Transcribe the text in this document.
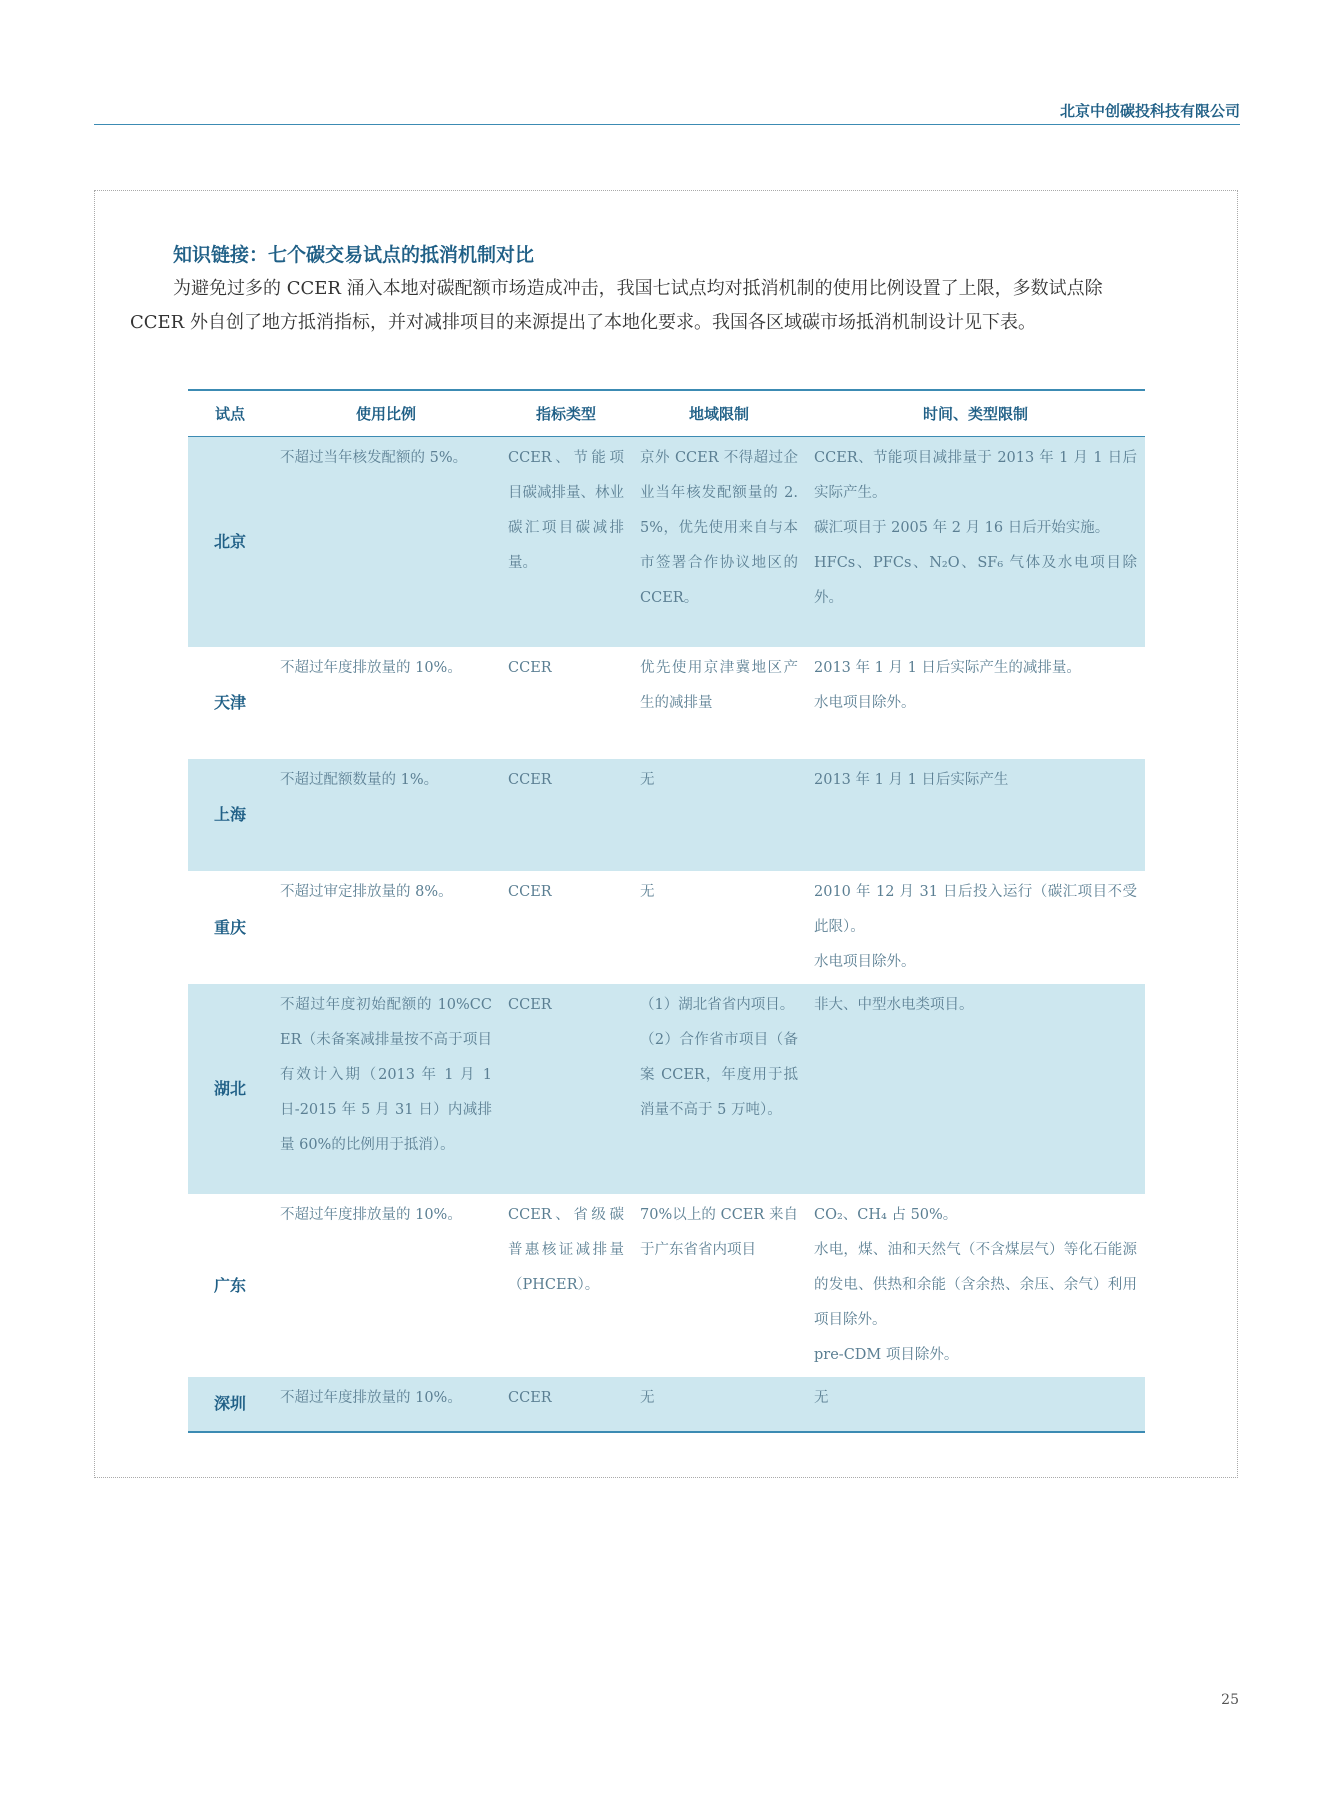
北京中创碳投科技有限公司
知识链接：七个碳交易试点的抵消机制对比

为避免过多的 CCER 涌入本地对碳配额市场造成冲击，我国七试点均对抵消机制的使用比例设置了上限，多数试点除
CCER 外自创了地方抵消指标，并对减排项目的来源提出了本地化要求。我国各区域碳市场抵消机制设计见下表。

试点	使用比例	指标类型	地域限制	时间、类型限制
北京	不超过当年核发配额的 5%。	CCER、节能项目碳减排量、林业碳汇项目碳减排量。	京外 CCER 不得超过企业当年核发配额量的 2.5%，优先使用来自与本市签署合作协议地区的 CCER。	CCER、节能项目减排量于 2013 年 1 月 1 日后实际产生。
碳汇项目于 2005 年 2 月 16 日后开始实施。
HFCs、PFCs、N₂O、SF₆ 气体及水电项目除外。

天津	不超过年度排放量的 10%。	CCER	优先使用京津冀地区产生的减排量	2013 年 1 月 1 日后实际产生的减排量。
水电项目除外。

上海	不超过配额数量的 1%。	CCER	无	2013 年 1 月 1 日后实际产生

重庆	不超过审定排放量的 8%。	CCER	无	2010 年 12 月 31 日后投入运行（碳汇项目不受此限）。
水电项目除外。

湖北	不超过年度初始配额的 10%CCER（未备案减排量按不高于项目有效计入期（2013 年 1 月 1 日-2015 年 5 月 31 日）内减排量 60%的比例用于抵消）。	CCER	（1）湖北省省内项目。
（2）合作省市项目（备案 CCER，年度用于抵消量不高于 5 万吨）。	非大、中型水电类项目。

广东	不超过年度排放量的 10%。	CCER、省级碳普惠核证减排量（PHCER）。	70%以上的 CCER 来自于广东省省内项目	CO₂、CH₄ 占 50%。
水电，煤、油和天然气（不含煤层气）等化石能源的发电、供热和余能（含余热、余压、余气）利用项目除外。
pre-CDM 项目除外。

深圳	不超过年度排放量的 10%。	CCER	无	无
25
